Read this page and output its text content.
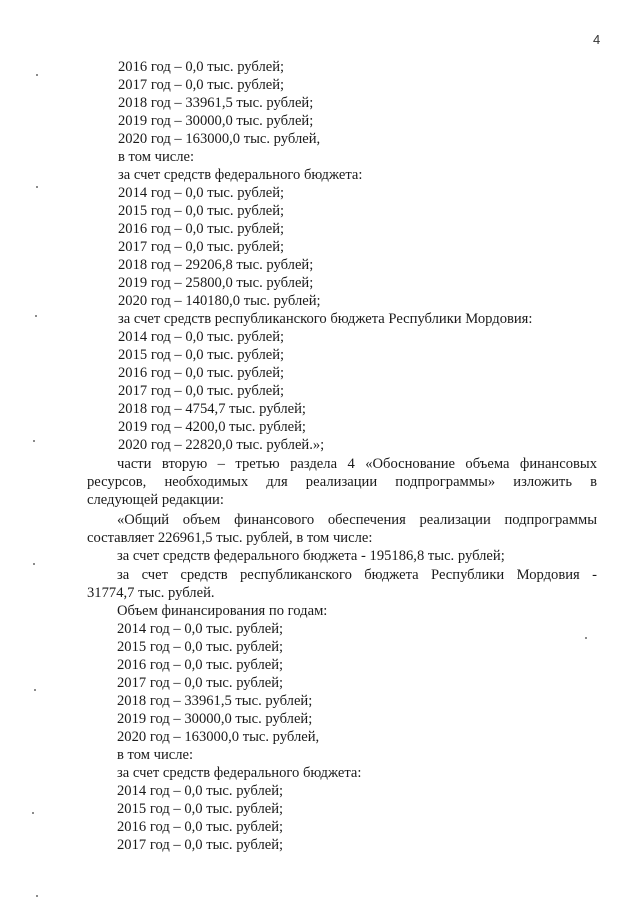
4
2016 год – 0,0 тыс. рублей;
2017 год – 0,0 тыс. рублей;
2018 год – 33961,5 тыс. рублей;
2019 год – 30000,0 тыс. рублей;
2020 год – 163000,0 тыс. рублей,
в том числе:
за счет средств федерального бюджета:
2014 год – 0,0 тыс. рублей;
2015 год – 0,0 тыс. рублей;
2016 год – 0,0 тыс. рублей;
2017 год – 0,0 тыс. рублей;
2018 год – 29206,8 тыс. рублей;
2019 год – 25800,0 тыс. рублей;
2020 год – 140180,0 тыс. рублей;
за счет средств республиканского бюджета Республики Мордовия:
2014 год – 0,0 тыс. рублей;
2015 год – 0,0 тыс. рублей;
2016 год – 0,0 тыс. рублей;
2017 год – 0,0 тыс. рублей;
2018 год – 4754,7 тыс. рублей;
2019 год – 4200,0 тыс. рублей;
2020 год – 22820,0 тыс. рублей.»;
части вторую – третью раздела 4 «Обоснование объема финансовых
ресурсов, необходимых для реализации подпрограммы» изложить в
следующей редакции:
«Общий объем финансового обеспечения реализации подпрограммы
составляет 226961,5 тыс. рублей, в том числе:
за счет средств федерального бюджета - 195186,8 тыс. рублей;
за счет средств республиканского бюджета Республики Мордовия -
31774,7 тыс. рублей.
Объем финансирования по годам:
2014 год – 0,0 тыс. рублей;
2015 год – 0,0 тыс. рублей;
2016 год – 0,0 тыс. рублей;
2017 год – 0,0 тыс. рублей;
2018 год – 33961,5 тыс. рублей;
2019 год – 30000,0 тыс. рублей;
2020 год – 163000,0 тыс. рублей,
в том числе:
за счет средств федерального бюджета:
2014 год – 0,0 тыс. рублей;
2015 год – 0,0 тыс. рублей;
2016 год – 0,0 тыс. рублей;
2017 год – 0,0 тыс. рублей;
